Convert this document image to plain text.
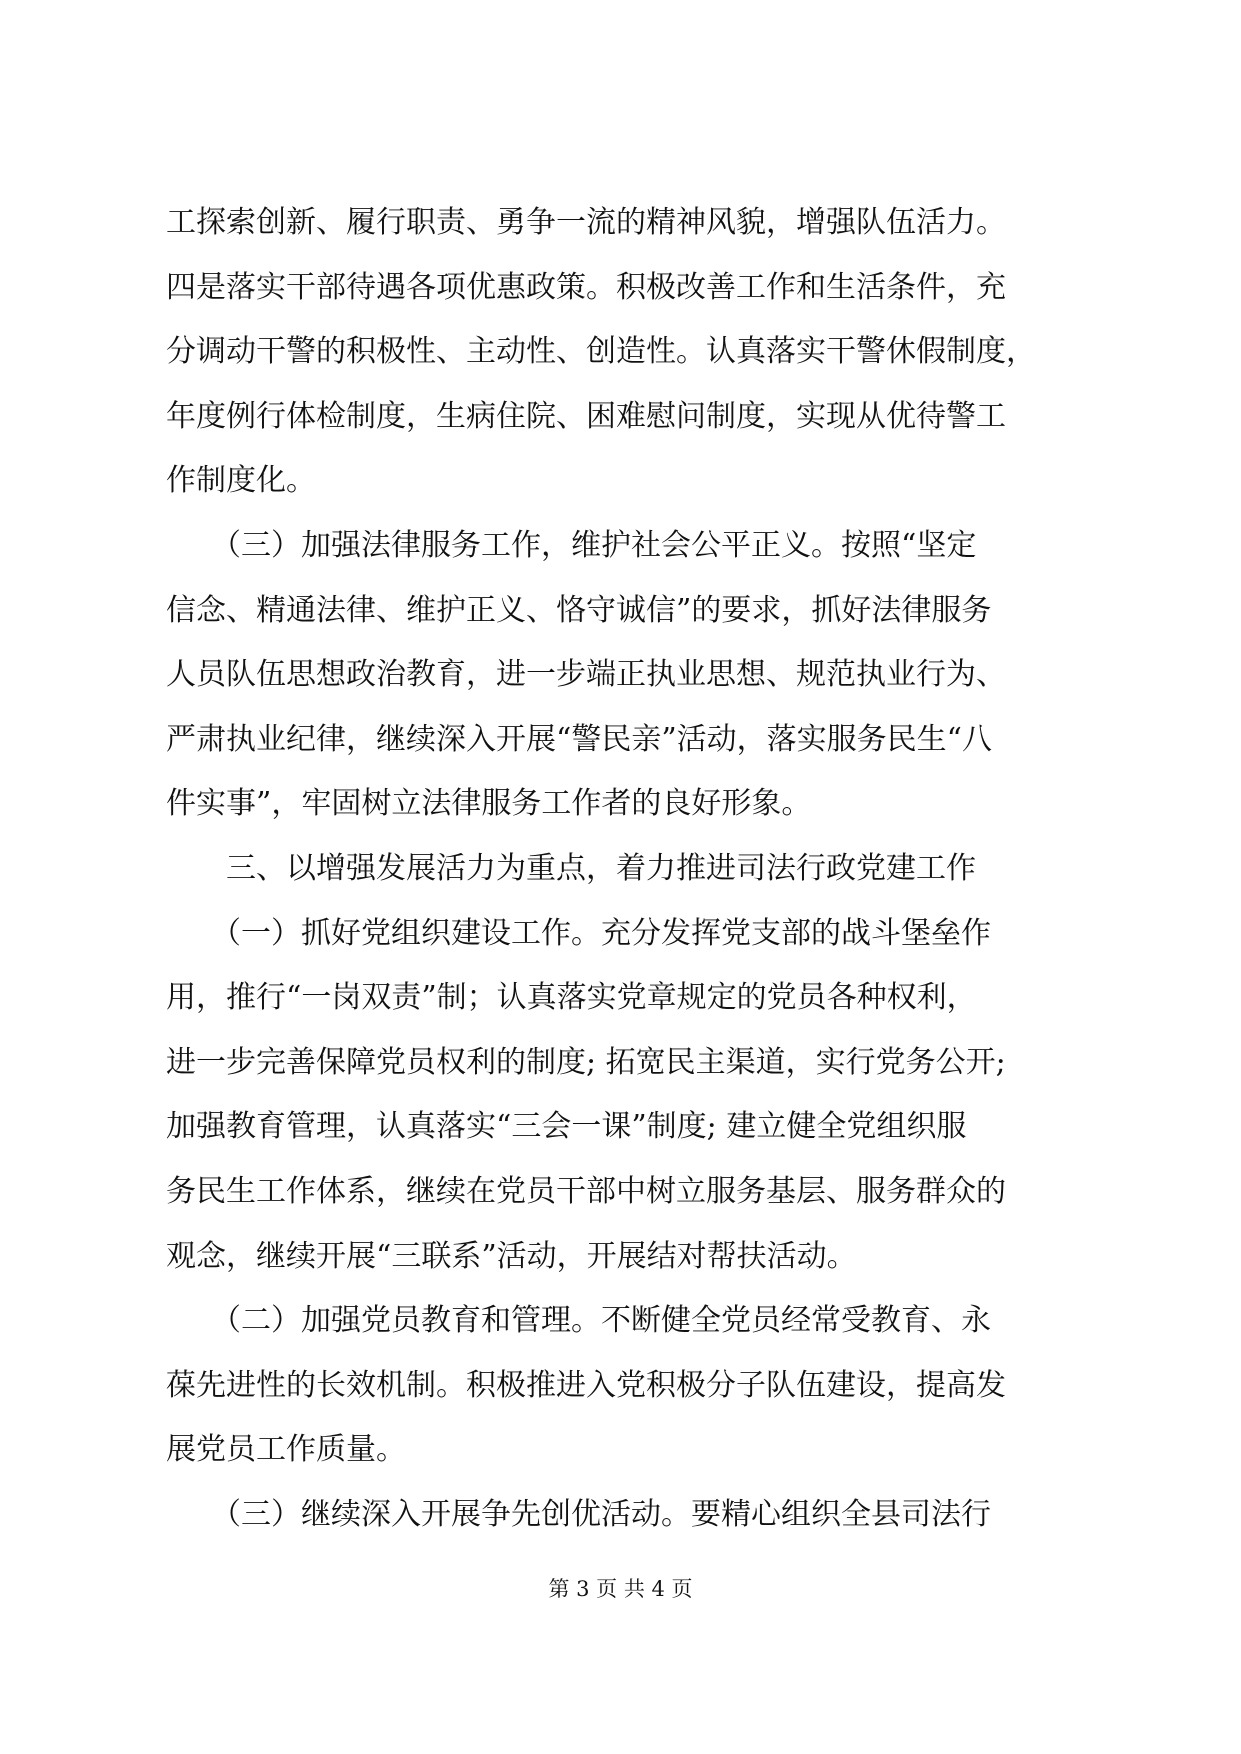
工探索创新、履行职责、勇争一流的精神风貌，增强队伍活力。

四是落实干部待遇各项优惠政策。积极改善工作和生活条件，充

分调动干警的积极性、主动性、创造性。认真落实干警休假制度，

年度例行体检制度，生病住院、困难慰问制度，实现从优待警工

作制度化。

　　（三）加强法律服务工作，维护社会公平正义。按照“坚定

信念、精通法律、维护正义、恪守诚信”的要求，抓好法律服务

人员队伍思想政治教育，进一步端正执业思想、规范执业行为、

严肃执业纪律，继续深入开展“警民亲”活动，落实服务民生“八

件实事”，牢固树立法律服务工作者的良好形象。

　　三、以增强发展活力为重点，着力推进司法行政党建工作

　　（一）抓好党组织建设工作。充分发挥党支部的战斗堡垒作

用，推行“一岗双责”制；认真落实党章规定的党员各种权利，

进一步完善保障党员权利的制度; 拓宽民主渠道，实行党务公开;

加强教育管理，认真落实“三会一课”制度; 建立健全党组织服

务民生工作体系，继续在党员干部中树立服务基层、服务群众的

观念，继续开展“三联系”活动，开展结对帮扶活动。

　　（二）加强党员教育和管理。不断健全党员经常受教育、永

葆先进性的长效机制。积极推进入党积极分子队伍建设，提高发

展党员工作质量。

　　（三）继续深入开展争先创优活动。要精心组织全县司法行

第 3 页 共 4 页
